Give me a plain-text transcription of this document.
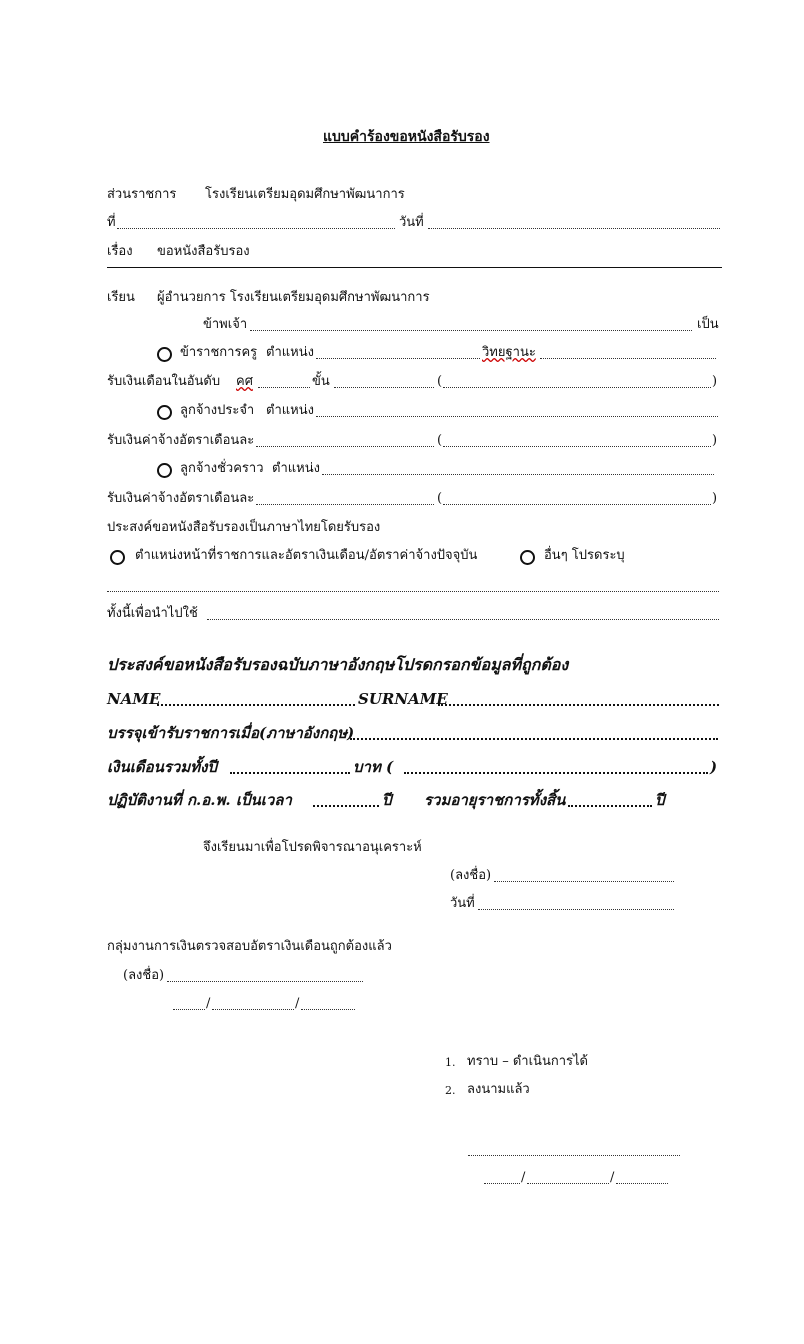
แบบคำร้องขอหนังสือรับรอง
ส่วนราชการ โรงเรียนเตรียมอุดมศึกษาพัฒนาการ
ที่	วันที่
เรื่อง ขอหนังสือรับรอง
เรียน ผู้อำนวยการ โรงเรียนเตรียมอุดมศึกษาพัฒนาการ
ข้าพเจ้า	เป็น
ข้าราชการครู ตำแหน่ง	วิทยฐานะ
รับเงินเดือนในอันดับ คศ	ขั้น	(	)
ลูกจ้างประจำ ตำแหน่ง
รับเงินค่าจ้างอัตราเดือนละ	(	)
ลูกจ้างชั่วคราว ตำแหน่ง
รับเงินค่าจ้างอัตราเดือนละ	(	)
ประสงค์ขอหนังสือรับรองเป็นภาษาไทยโดยรับรอง
ตำแหน่งหน้าที่ราชการและอัตราเงินเดือน/อัตราค่าจ้างปัจจุบัน	อื่นๆ โปรดระบุ
ทั้งนี้เพื่อนำไปใช้
ประสงค์ขอหนังสือรับรองฉบับภาษาอังกฤษโปรดกรอกข้อมูลที่ถูกต้อง
NAME	SURNAME
บรรจุเข้ารับราชการเมื่อ(ภาษาอังกฤษ)
เงินเดือนรวมทั้งปี	บาท (	)
ปฏิบัติงานที่ ก.อ.พ. เป็นเวลา	ปี รวมอายุราชการทั้งสิ้น	ปี
จึงเรียนมาเพื่อโปรดพิจารณาอนุเคราะห์
(ลงชื่อ)
วันที่
กลุ่มงานการเงินตรวจสอบอัตราเงินเดือนถูกต้องแล้ว
(ลงชื่อ)
/	/
1. ทราบ – ดำเนินการได้
2. ลงนามแล้ว
/	/
